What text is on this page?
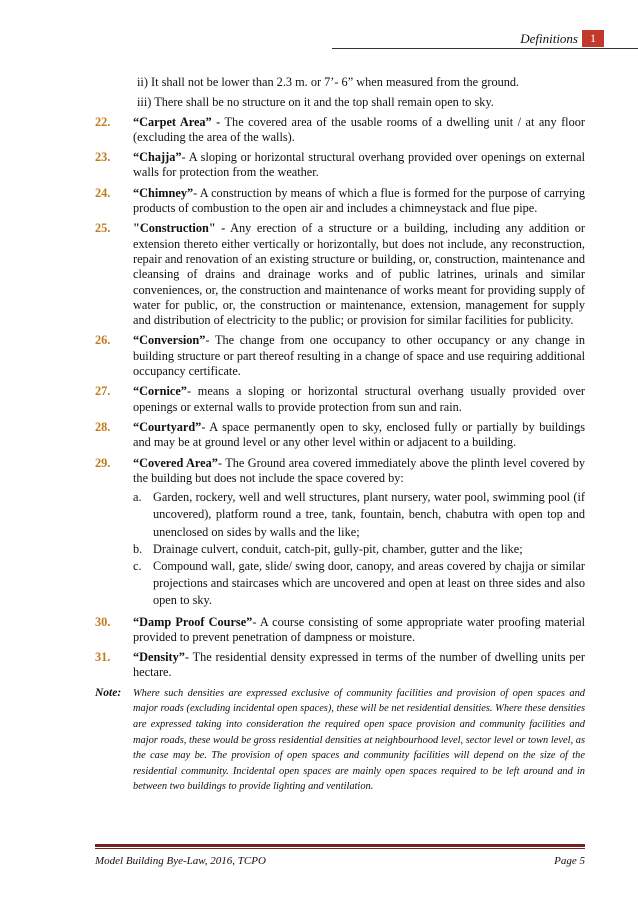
Definitions	1
ii) It shall not be lower than 2.3 m. or 7’- 6” when measured from the ground.
iii) There shall be no structure on it and the top shall remain open to sky.
22.	“Carpet Area” - The covered area of the usable rooms of a dwelling unit / at any floor (excluding the area of the walls).
23.	“Chajja”- A sloping or horizontal structural overhang provided over openings on external walls for protection from the weather.
24.	“Chimney”- A construction by means of which a flue is formed for the purpose of carrying products of combustion to the open air and includes a chimneystack and flue pipe.
25.	"Construction" - Any erection of a structure or a building, including any addition or extension thereto either vertically or horizontally, but does not include, any reconstruction, repair and renovation of an existing structure or building, or, construction, maintenance and cleansing of drains and drainage works and of public latrines, urinals and similar conveniences, or, the construction and maintenance of works meant for providing supply of water for public, or, the construction or maintenance, extension, management for supply and distribution of electricity to the public; or provision for similar facilities for publicity.
26.	“Conversion”- The change from one occupancy to other occupancy or any change in building structure or part thereof resulting in a change of space and use requiring additional occupancy certificate.
27.	“Cornice”- means a sloping or horizontal structural overhang usually provided over openings or external walls to provide protection from sun and rain.
28.	“Courtyard”- A space permanently open to sky, enclosed fully or partially by buildings and may be at ground level or any other level within or adjacent to a building.
29.	“Covered Area”- The Ground area covered immediately above the plinth level covered by the building but does not include the space covered by:
a. Garden, rockery, well and well structures, plant nursery, water pool, swimming pool (if uncovered), platform round a tree, tank, fountain, bench, chabutra with open top and unenclosed on sides by walls and the like;
b. Drainage culvert, conduit, catch-pit, gully-pit, chamber, gutter and the like;
c. Compound wall, gate, slide/ swing door, canopy, and areas covered by chajja or similar projections and staircases which are uncovered and open at least on three sides and also open to sky.
30.	“Damp Proof Course”- A course consisting of some appropriate water proofing material provided to prevent penetration of dampness or moisture.
31.	“Density”- The residential density expressed in terms of the number of dwelling units per hectare.
Note: Where such densities are expressed exclusive of community facilities and provision of open spaces and major roads (excluding incidental open spaces), these will be net residential densities. Where these densities are expressed taking into consideration the required open space provision and community facilities and major roads, these would be gross residential densities at neighbourhood level, sector level or town level, as the case may be. The provision of open spaces and community facilities will depend on the size of the residential community. Incidental open spaces are mainly open spaces required to be left around and in between two buildings to provide lighting and ventilation.
Model Building Bye-Law, 2016, TCPO	Page 5
